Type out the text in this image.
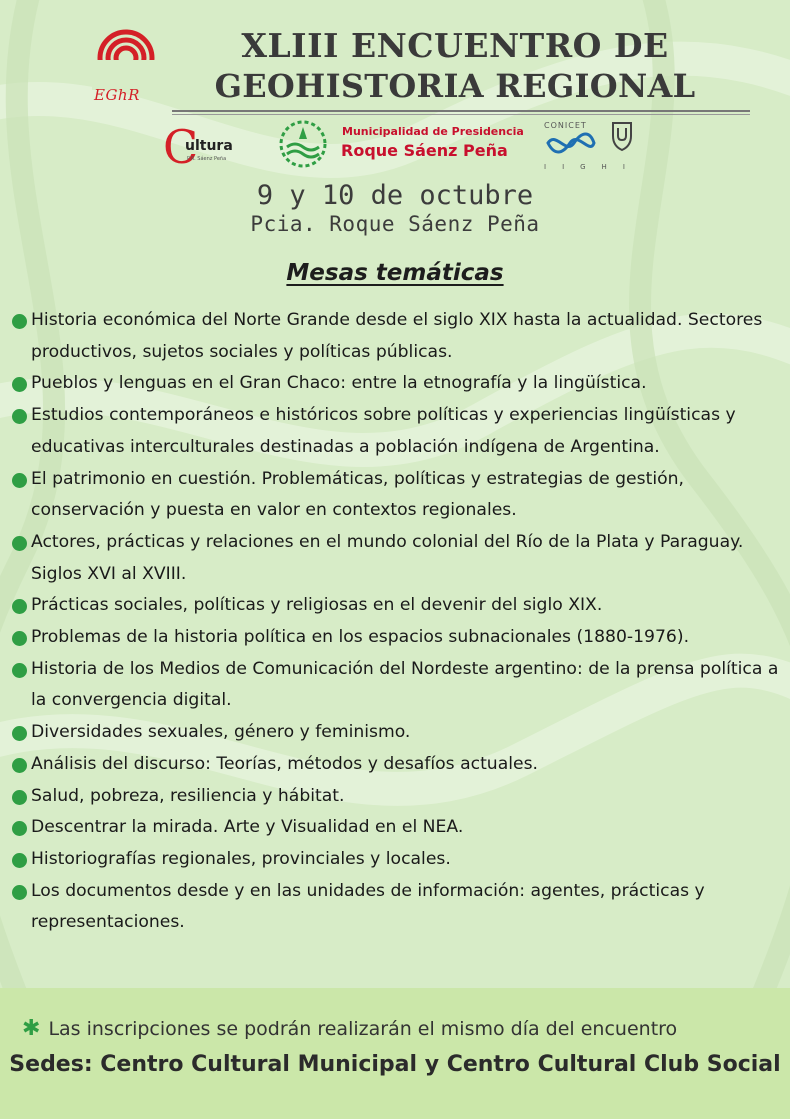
EGhR
XLIII ENCUENTRO DE
GEOHISTORIA REGIONAL
C
ultura
P.R. Sáenz Peña
Municipalidad de Presidencia
Roque Sáenz Peña
CONICET
IIGHI
9 y 10 de octubre
Pcia. Roque Sáenz Peña
Mesas temáticas
Historia económica del Norte Grande desde el siglo XIX hasta la actualidad. Sectores productivos, sujetos sociales y políticas públicas.
Pueblos y lenguas en el Gran Chaco: entre la etnografía y la lingüística.
Estudios contemporáneos e históricos sobre políticas y experiencias lingüísticas y educativas interculturales destinadas a población indígena de Argentina.
El patrimonio en cuestión. Problemáticas, políticas y estrategias de gestión, conservación y puesta en valor en contextos regionales.
Actores, prácticas y relaciones en el mundo colonial del Río de la Plata y Paraguay. Siglos XVI al XVIII.
Prácticas sociales, políticas y religiosas en el devenir del siglo XIX.
Problemas de la historia política en los espacios subnacionales (1880-1976).
Historia de los Medios de Comunicación del Nordeste argentino: de la prensa política a la convergencia digital.
Diversidades sexuales, género y feminismo.
Análisis del discurso: Teorías, métodos y desafíos actuales.
Salud, pobreza, resiliencia y hábitat.
Descentrar la mirada. Arte y Visualidad en el NEA.
Historiografías regionales, provinciales y locales.
Los documentos desde y en las unidades de información: agentes, prácticas y representaciones.
✱ Las inscripciones se podrán realizarán el mismo día del encuentro
Sedes: Centro Cultural Municipal y Centro Cultural Club Social
